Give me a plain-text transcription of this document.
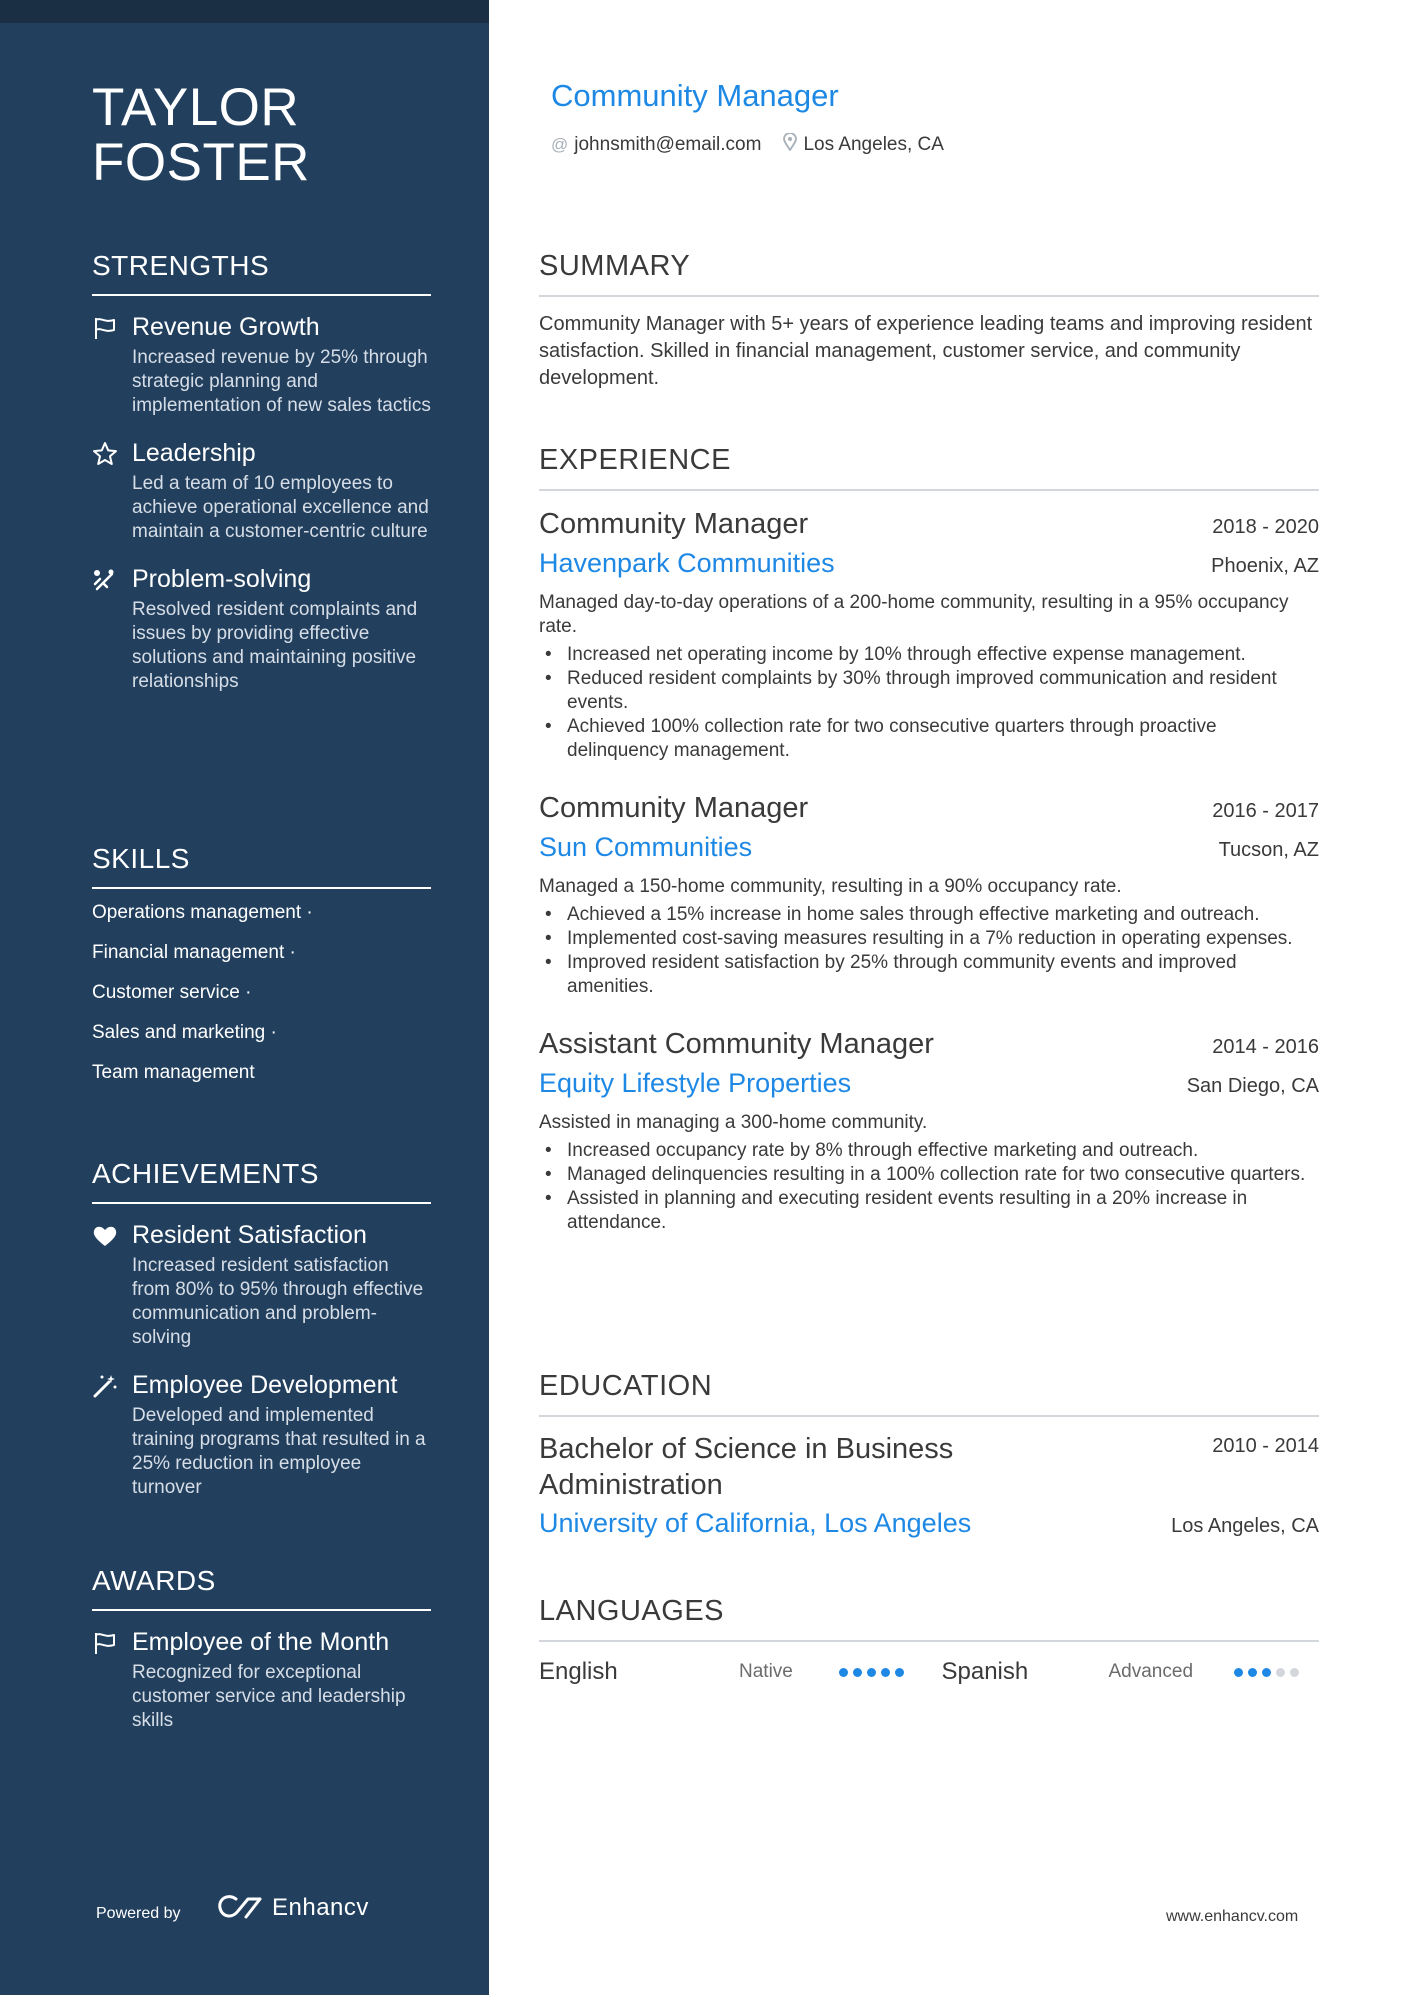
TAYLOR
FOSTER
STRENGTHS
Revenue Growth
Increased revenue by 25% through strategic planning and implementation of new sales tactics
Leadership
Led a team of 10 employees to achieve operational excellence and maintain a customer-centric culture
Problem-solving
Resolved resident complaints and issues by providing effective solutions and maintaining positive relationships
SKILLS
Operations management ·
Financial management ·
Customer service ·
Sales and marketing ·
Team management
ACHIEVEMENTS
Resident Satisfaction
Increased resident satisfaction from 80% to 95% through effective communication and problem-solving
Employee Development
Developed and implemented training programs that resulted in a 25% reduction in employee turnover
AWARDS
Employee of the Month
Recognized for exceptional customer service and leadership skills
Powered by	Enhancv
Community Manager
@ johnsmith@email.com Los Angeles, CA
SUMMARY
Community Manager with 5+ years of experience leading teams and improving resident satisfaction. Skilled in financial management, customer service, and community development.
EXPERIENCE
Community Manager	2018 - 2020
Havenpark Communities	Phoenix, AZ
Managed day-to-day operations of a 200-home community, resulting in a 95% occupancy rate.
• Increased net operating income by 10% through effective expense management.
• Reduced resident complaints by 30% through improved communication and resident events.
• Achieved 100% collection rate for two consecutive quarters through proactive delinquency management.
Community Manager	2016 - 2017
Sun Communities	Tucson, AZ
Managed a 150-home community, resulting in a 90% occupancy rate.
• Achieved a 15% increase in home sales through effective marketing and outreach.
• Implemented cost-saving measures resulting in a 7% reduction in operating expenses.
• Improved resident satisfaction by 25% through community events and improved amenities.
Assistant Community Manager	2014 - 2016
Equity Lifestyle Properties	San Diego, CA
Assisted in managing a 300-home community.
• Increased occupancy rate by 8% through effective marketing and outreach.
• Managed delinquencies resulting in a 100% collection rate for two consecutive quarters.
• Assisted in planning and executing resident events resulting in a 20% increase in attendance.
EDUCATION
Bachelor of Science in Business Administration
2010 - 2014
University of California, Los Angeles	Los Angeles, CA
LANGUAGES
English	Native	Spanish	Advanced
www.enhancv.com
